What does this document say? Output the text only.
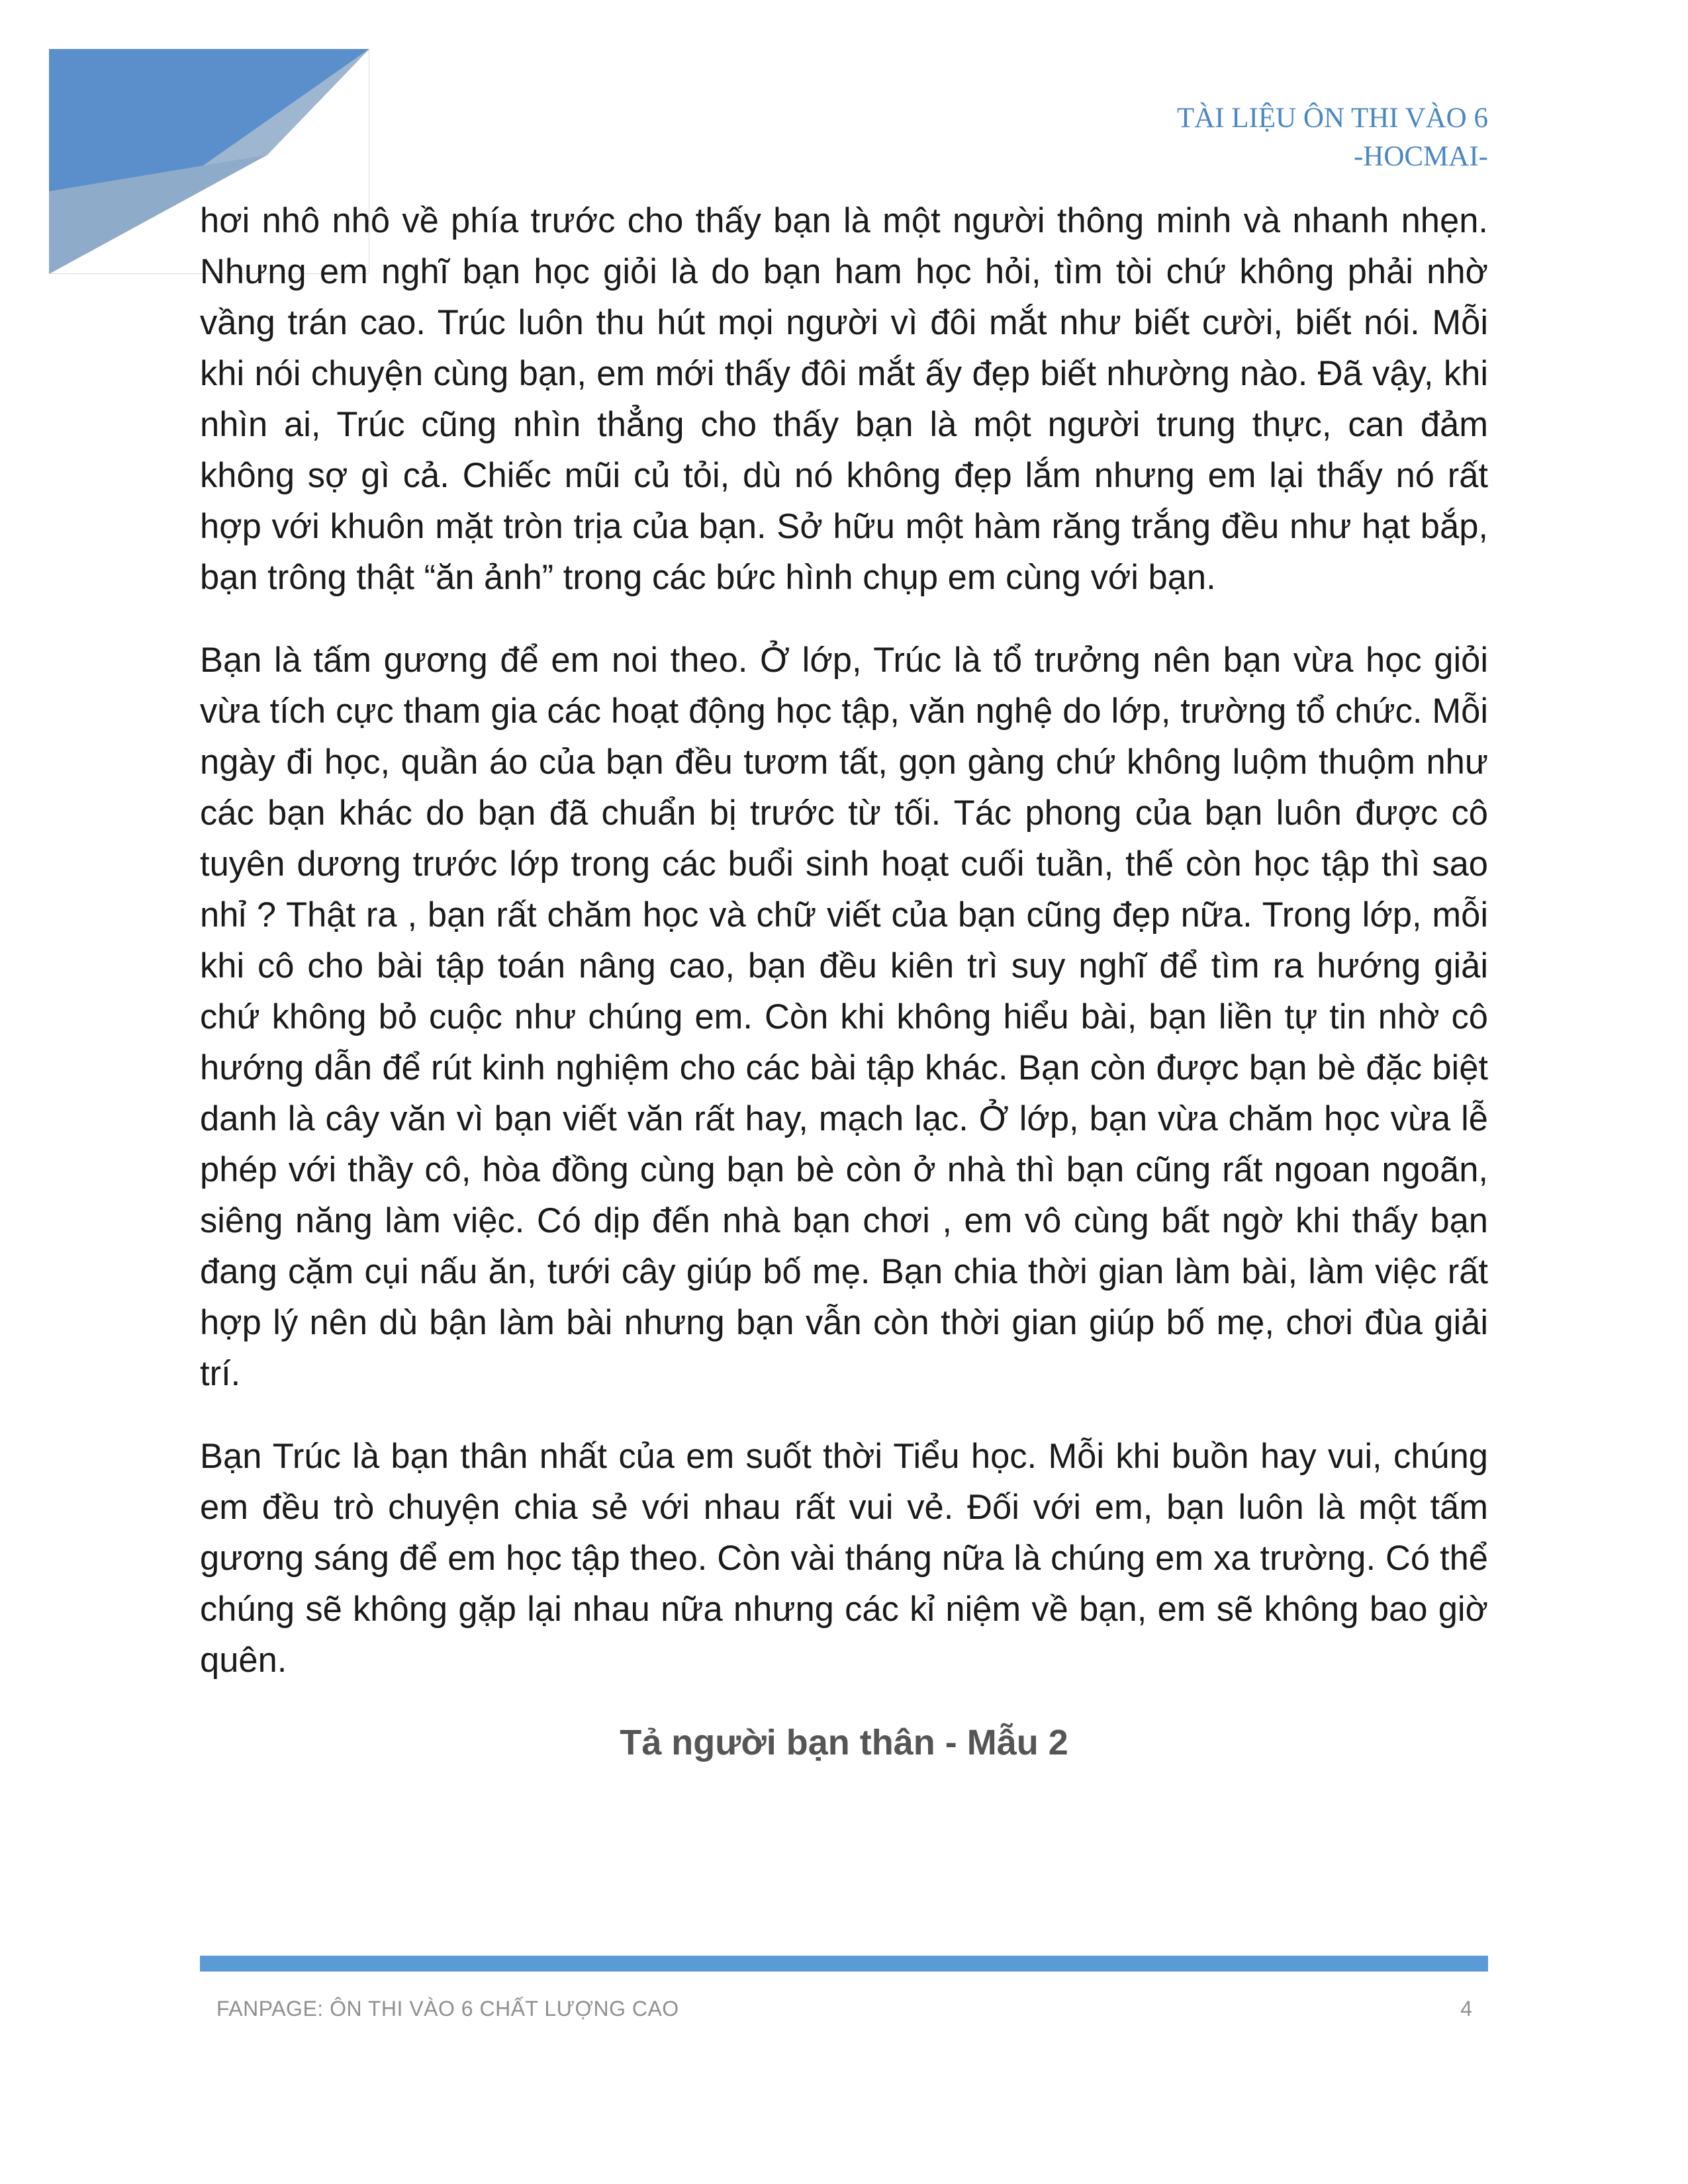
TÀI LIỆU ÔN THI VÀO 6
-HOCMAI-

hơi nhô nhô về phía trước cho thấy bạn là một người thông minh và nhanh nhẹn. Nhưng em nghĩ bạn học giỏi là do bạn ham học hỏi, tìm tòi chứ không phải nhờ vầng trán cao. Trúc luôn thu hút mọi người vì đôi mắt như biết cười, biết nói. Mỗi khi nói chuyện cùng bạn, em mới thấy đôi mắt ấy đẹp biết nhường nào. Đã vậy, khi nhìn ai, Trúc cũng nhìn thẳng cho thấy bạn là một người trung thực, can đảm không sợ gì cả. Chiếc mũi củ tỏi, dù nó không đẹp lắm nhưng em lại thấy nó rất hợp với khuôn mặt tròn trịa của bạn. Sở hữu một hàm răng trắng đều như hạt bắp, bạn trông thật “ăn ảnh” trong các bức hình chụp em cùng với bạn.

Bạn là tấm gương để em noi theo. Ở lớp, Trúc là tổ trưởng nên bạn vừa học giỏi vừa tích cực tham gia các hoạt động học tập, văn nghệ do lớp, trường tổ chức. Mỗi ngày đi học, quần áo của bạn đều tươm tất, gọn gàng chứ không luộm thuộm như các bạn khác do bạn đã chuẩn bị trước từ tối. Tác phong của bạn luôn được cô tuyên dương trước lớp trong các buổi sinh hoạt cuối tuần, thế còn học tập thì sao nhỉ ? Thật ra , bạn rất chăm học và chữ viết của bạn cũng đẹp nữa. Trong lớp, mỗi khi cô cho bài tập toán nâng cao, bạn đều kiên trì suy nghĩ để tìm ra hướng giải chứ không bỏ cuộc như chúng em. Còn khi không hiểu bài, bạn liền tự tin nhờ cô hướng dẫn để rút kinh nghiệm cho các bài tập khác. Bạn còn được bạn bè đặc biệt danh là cây văn vì bạn viết văn rất hay, mạch lạc. Ở lớp, bạn vừa chăm học vừa lễ phép với thầy cô, hòa đồng cùng bạn bè còn ở nhà thì bạn cũng rất ngoan ngoãn, siêng năng làm việc. Có dịp đến nhà bạn chơi , em vô cùng bất ngờ khi thấy bạn đang cặm cụi nấu ăn, tưới cây giúp bố mẹ. Bạn chia thời gian làm bài, làm việc rất hợp lý nên dù bận làm bài nhưng bạn vẫn còn thời gian giúp bố mẹ, chơi đùa giải trí.

Bạn Trúc là bạn thân nhất của em suốt thời Tiểu học. Mỗi khi buồn hay vui, chúng em đều trò chuyện chia sẻ với nhau rất vui vẻ. Đối với em, bạn luôn là một tấm gương sáng để em học tập theo. Còn vài tháng nữa là chúng em xa trường. Có thể chúng sẽ không gặp lại nhau nữa nhưng các kỉ niệm về bạn, em sẽ không bao giờ quên.

Tả người bạn thân - Mẫu 2
FANPAGE: ÔN THI VÀO 6 CHẤT LƯỢNG CAO	4
